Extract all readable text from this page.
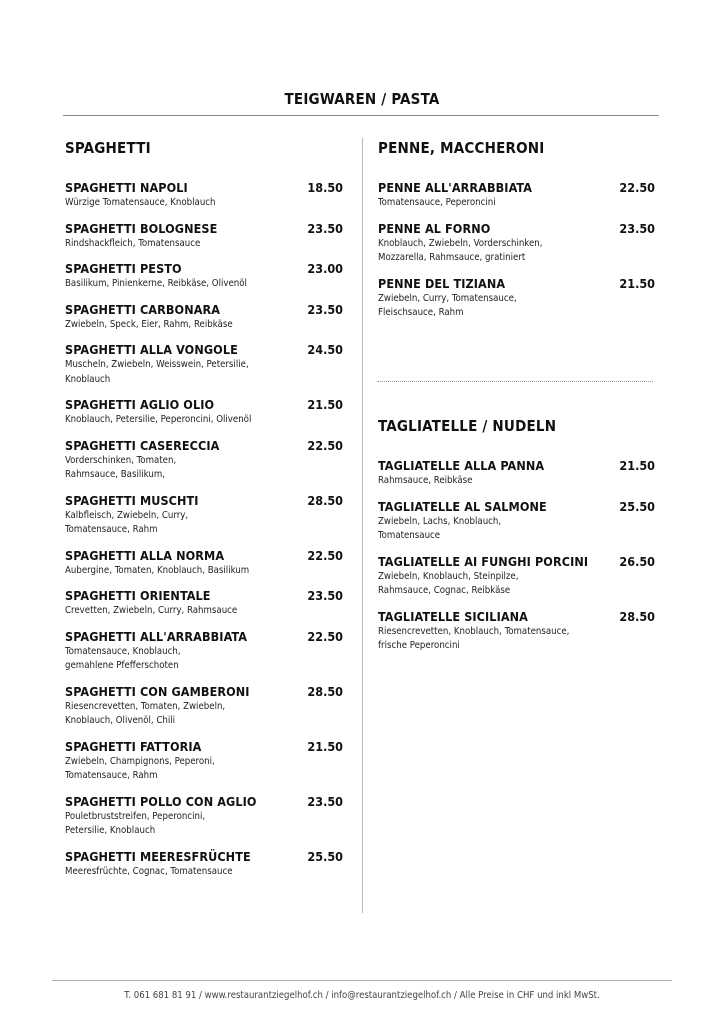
TEIGWAREN / PASTA
SPAGHETTI
SPAGHETTI NAPOLI	18.50
Würzige Tomatensauce, Knoblauch
SPAGHETTI BOLOGNESE	23.50
Rindshackfleich, Tomatensauce
SPAGHETTI PESTO	23.00
Basilikum, Pinienkerne, Reibkäse, Olivenöl
SPAGHETTI CARBONARA	23.50
Zwiebeln, Speck, Eier, Rahm, Reibkäse
SPAGHETTI ALLA VONGOLE	24.50
Muscheln, Zwiebeln, Weisswein, Petersilie, Knoblauch
SPAGHETTI AGLIO OLIO	21.50
Knoblauch, Petersilie, Peperoncini, Olivenöl
SPAGHETTI CASERECCIA	22.50
Vorderschinken, Tomaten, Rahmsauce, Basilikum,
SPAGHETTI MUSCHTI	28.50
Kalbfleisch, Zwiebeln, Curry, Tomatensauce, Rahm
SPAGHETTI ALLA NORMA	22.50
Aubergine, Tomaten, Knoblauch, Basilikum
SPAGHETTI ORIENTALE	23.50
Crevetten, Zwiebeln, Curry, Rahmsauce
SPAGHETTI ALL'ARRABBIATA	22.50
Tomatensauce, Knoblauch, gemahlene Pfefferschoten
SPAGHETTI CON GAMBERONI	28.50
Riesencrevetten, Tomaten, Zwiebeln, Knoblauch, Olivenöl, Chili
SPAGHETTI FATTORIA	21.50
Zwiebeln, Champignons, Peperoni, Tomatensauce, Rahm
SPAGHETTI POLLO CON AGLIO	23.50
Pouletbruststreifen, Peperoncini, Petersilie, Knoblauch
SPAGHETTI MEERESFRÜCHTE	25.50
Meeresfrüchte, Cognac, Tomatensauce
PENNE, MACCHERONI
PENNE ALL'ARRABBIATA	22.50
Tomatensauce, Peperoncini
PENNE AL FORNO	23.50
Knoblauch, Zwiebeln, Vorderschinken, Mozzarella, Rahmsauce, gratiniert
PENNE DEL TIZIANA	21.50
Zwiebeln, Curry, Tomatensauce, Fleischsauce, Rahm
TAGLIATELLE / NUDELN
TAGLIATELLE ALLA PANNA	21.50
Rahmsauce, Reibkäse
TAGLIATELLE AL SALMONE	25.50
Zwiebeln, Lachs, Knoblauch, Tomatensauce
TAGLIATELLE AI FUNGHI PORCINI	26.50
Zwiebeln, Knoblauch, Steinpilze, Rahmsauce, Cognac, Reibkäse
TAGLIATELLE SICILIANA	28.50
Riesencrevetten, Knoblauch, Tomatensauce, frische Peperoncini
T. 061 681 81 91 / www.restaurantziegelhof.ch / info@restaurantziegelhof.ch / Alle Preise in CHF und inkl MwSt.
